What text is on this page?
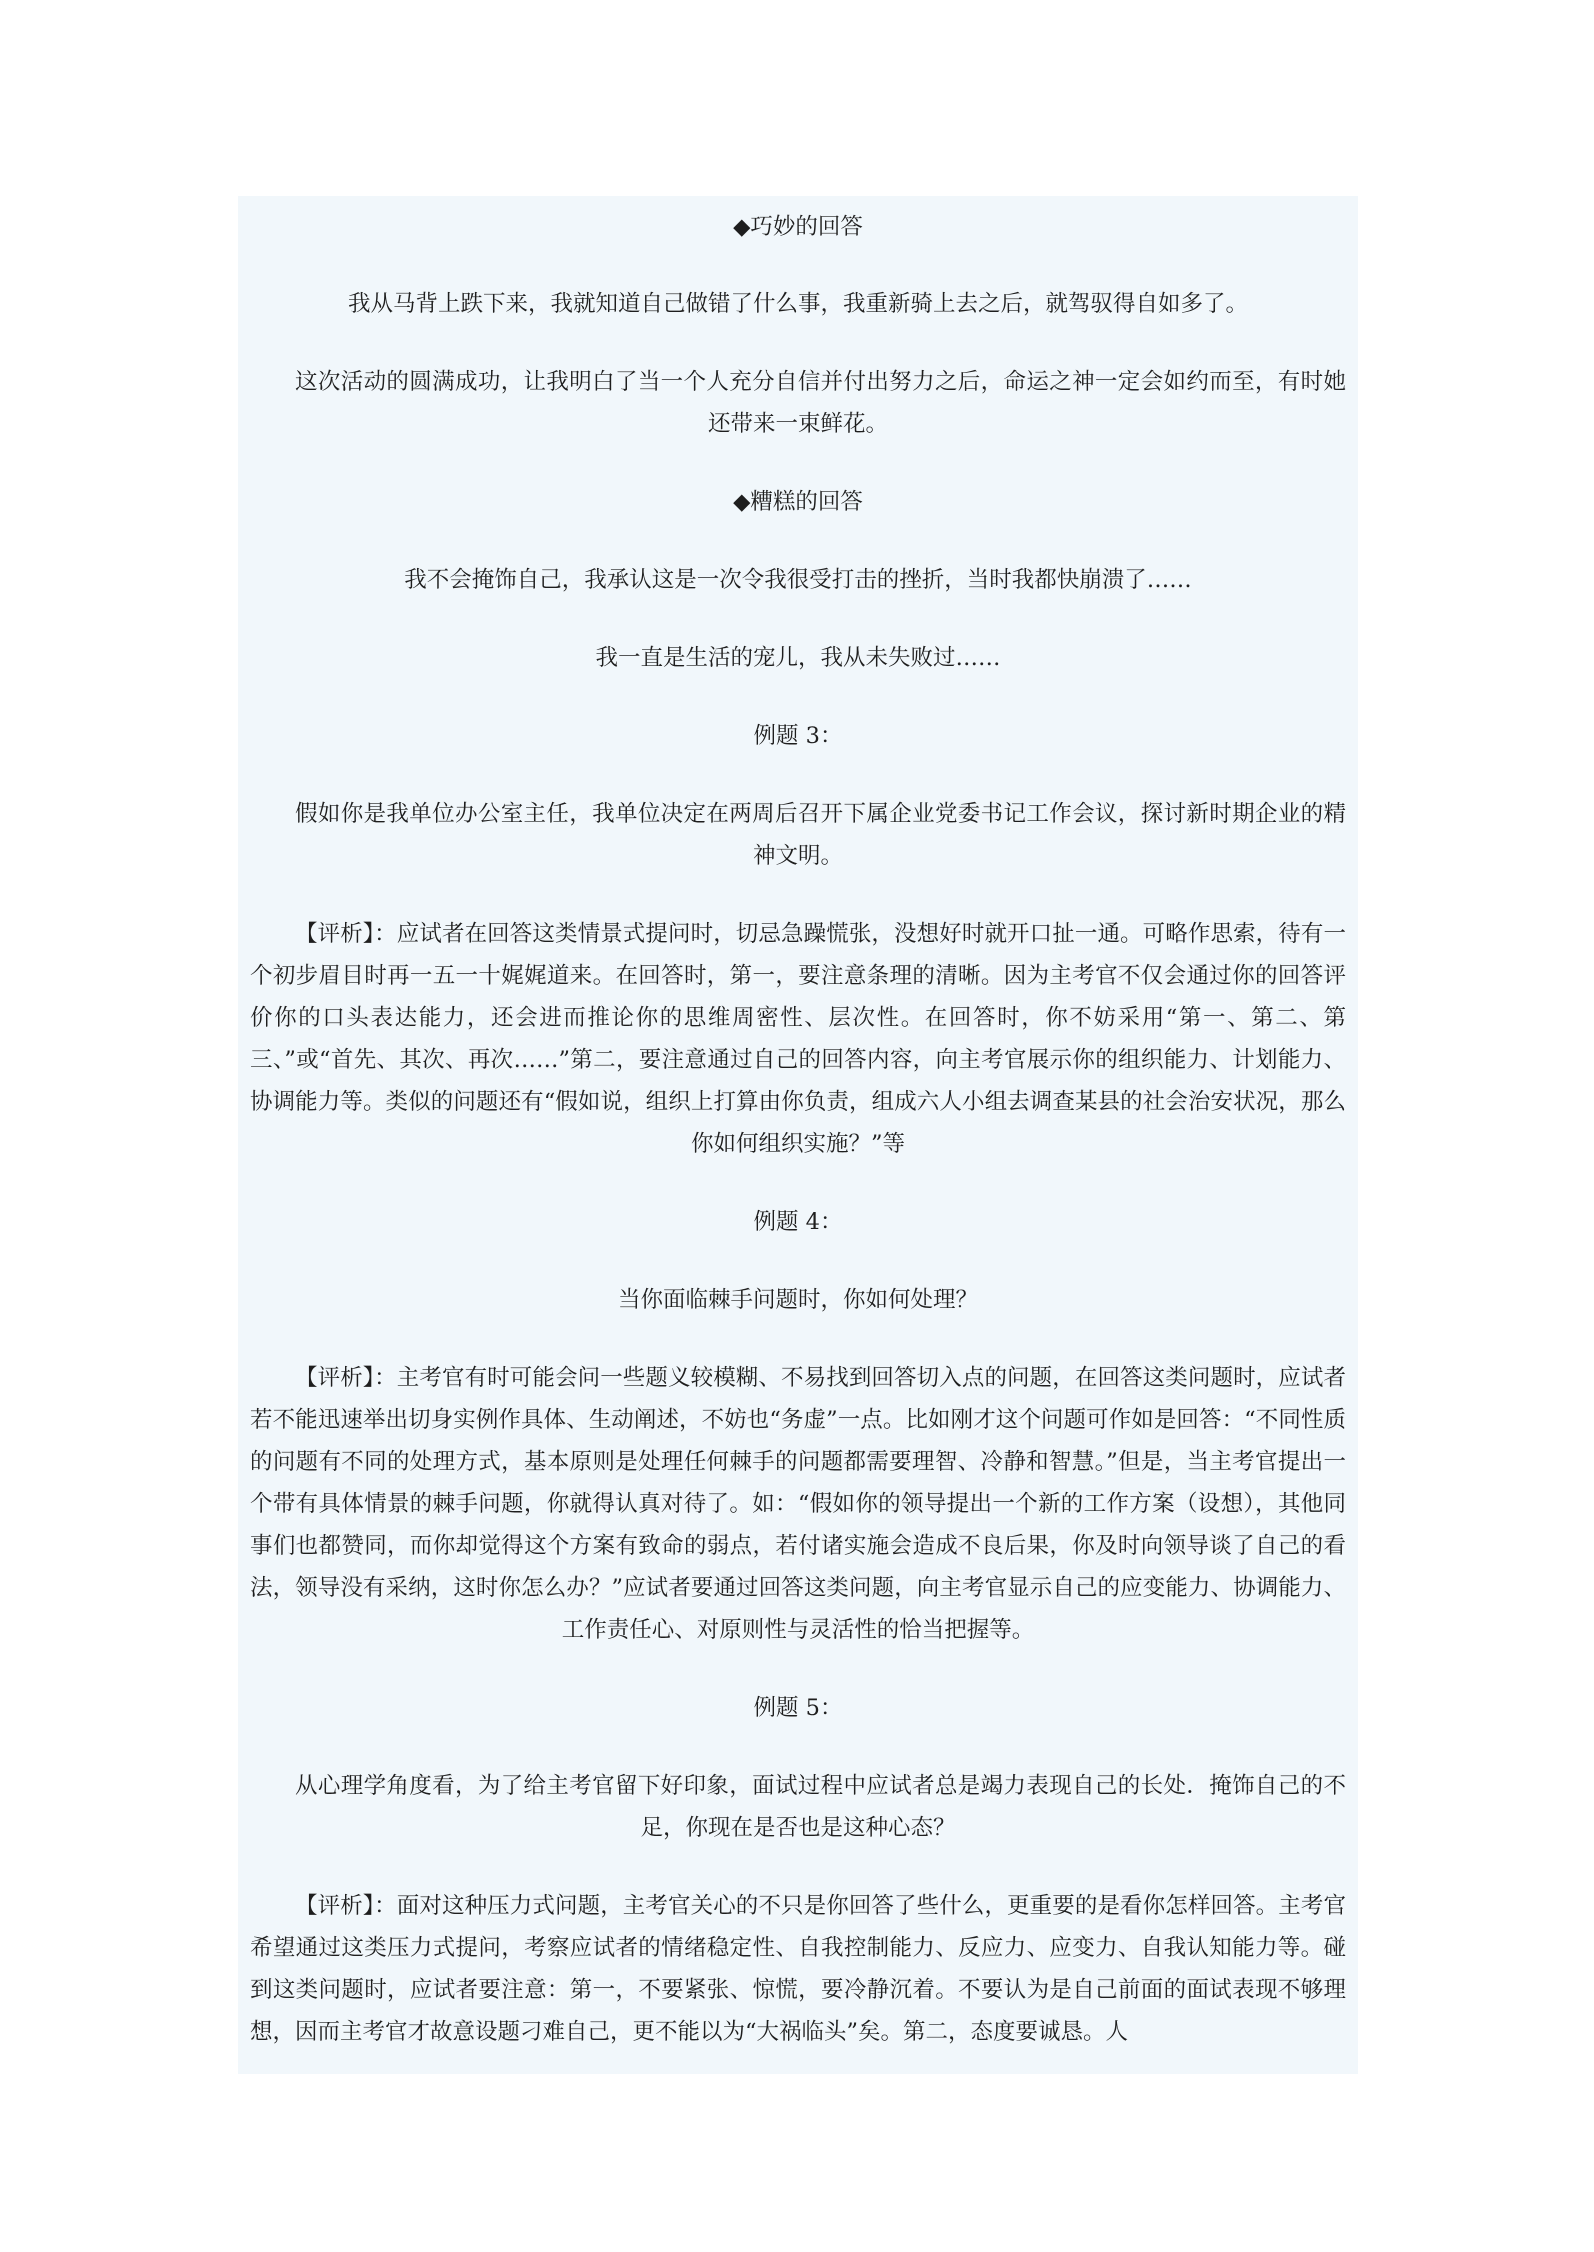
◆巧妙的回答

我从马背上跌下来，我就知道自己做错了什么事，我重新骑上去之后，就驾驭得自如多了。

这次活动的圆满成功，让我明白了当一个人充分自信并付出努力之后，命运之神一定会如约而至，有时她还带来一束鲜花。

◆糟糕的回答

我不会掩饰自己，我承认这是一次令我很受打击的挫折，当时我都快崩溃了……

我一直是生活的宠儿，我从未失败过……

例题 3：

假如你是我单位办公室主任，我单位决定在两周后召开下属企业党委书记工作会议，探讨新时期企业的精神文明。

【评析】：应试者在回答这类情景式提问时，切忌急躁慌张，没想好时就开口扯一通。可略作思索，待有一个初步眉目时再一五一十娓娓道来。在回答时，第一，要注意条理的清晰。因为主考官不仅会通过你的回答评价你的口头表达能力，还会进而推论你的思维周密性、层次性。在回答时，你不妨采用“第一、第二、第三、”或“首先、其次、再次……”第二，要注意通过自己的回答内容，向主考官展示你的组织能力、计划能力、协调能力等。类似的问题还有“假如说，组织上打算由你负责，组成六人小组去调查某县的社会治安状况，那么你如何组织实施？”等

例题 4：

当你面临棘手问题时，你如何处理？

【评析】：主考官有时可能会问一些题义较模糊、不易找到回答切入点的问题，在回答这类问题时，应试者若不能迅速举出切身实例作具体、生动阐述，不妨也“务虚”一点。比如刚才这个问题可作如是回答：“不同性质的问题有不同的处理方式，基本原则是处理任何棘手的问题都需要理智、冷静和智慧。”但是，当主考官提出一个带有具体情景的棘手问题，你就得认真对待了。如：“假如你的领导提出一个新的工作方案（设想），其他同事们也都赞同，而你却觉得这个方案有致命的弱点，若付诸实施会造成不良后果，你及时向领导谈了自己的看法，领导没有采纳，这时你怎么办？”应试者要通过回答这类问题，向主考官显示自己的应变能力、协调能力、工作责任心、对原则性与灵活性的恰当把握等。

例题 5：

从心理学角度看，为了给主考官留下好印象，面试过程中应试者总是竭力表现自己的长处．掩饰自己的不足，你现在是否也是这种心态？

【评析】：面对这种压力式问题，主考官关心的不只是你回答了些什么，更重要的是看你怎样回答。主考官希望通过这类压力式提问，考察应试者的情绪稳定性、自我控制能力、反应力、应变力、自我认知能力等。碰到这类问题时，应试者要注意：第一，不要紧张、惊慌，要冷静沉着。不要认为是自己前面的面试表现不够理想，因而主考官才故意设题刁难自己，更不能以为“大祸临头”矣。第二，态度要诚恳。人
